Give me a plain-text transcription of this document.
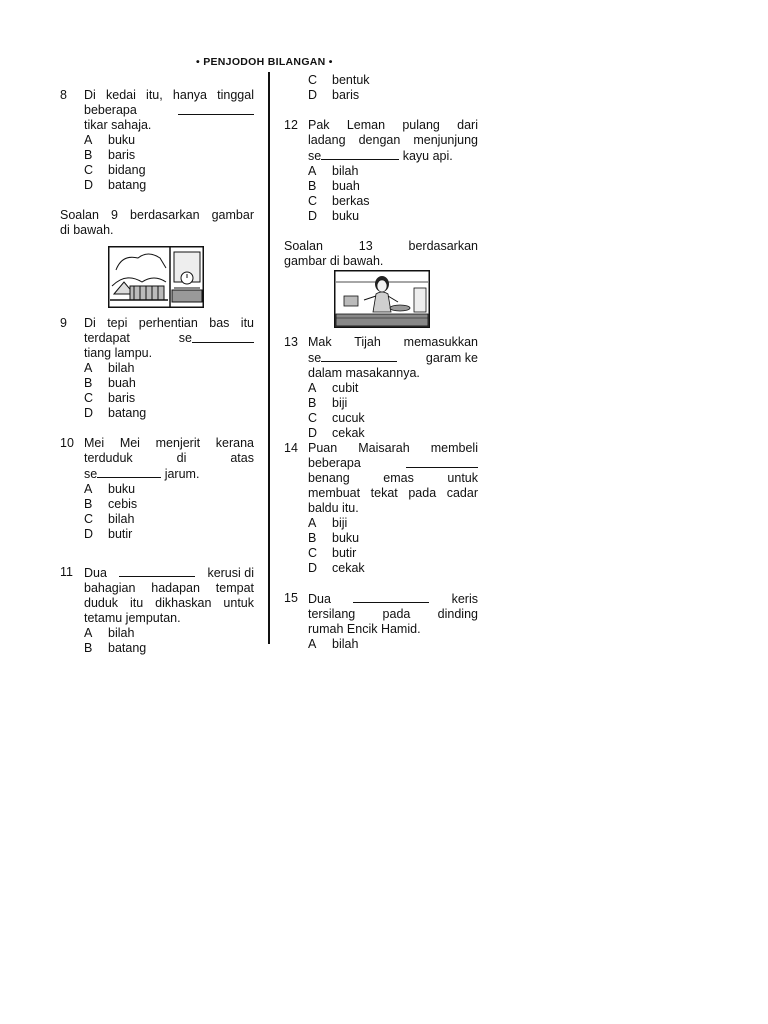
• PENJODOH BILANGAN •
8	Di kedai itu, hanya tinggal
beberapa
tikar sahaja.
A	buku
B	baris
C	bidang
D	batang
Soalan 9 berdasarkan gambar
di bawah.
9	Di tepi perhentian bas itu
terdapat	se
tiang lampu.
A	bilah
B	buah
C	baris
D	batang
10 Mei Mei menjerit kerana
terduduk	di	atas
se	jarum.
A	buku
B	cebis
C	bilah
D	butir
11 Dua	kerusi di
bahagian hadapan tempat
duduk itu dikhaskan untuk
tetamu jemputan.
A	bilah
B	batang
C	bentuk
D	baris
12 Pak Leman pulang dari
ladang dengan menjunjung
se	kayu api.
A	bilah
B	buah
C	berkas
D	buku
Soalan	13	berdasarkan
gambar di bawah.
13 Mak Tijah memasukkan
se	garam ke
dalam masakannya.
A	cubit
B	biji
C	cucuk
D	cekak
14 Puan Maisarah membeli
beberapa
benang emas untuk
membuat tekat pada cadar
baldu itu.
A	biji
B	buku
C	butir
D	cekak
15 Dua	keris
tersilang pada dinding
rumah Encik Hamid.
A	bilah
